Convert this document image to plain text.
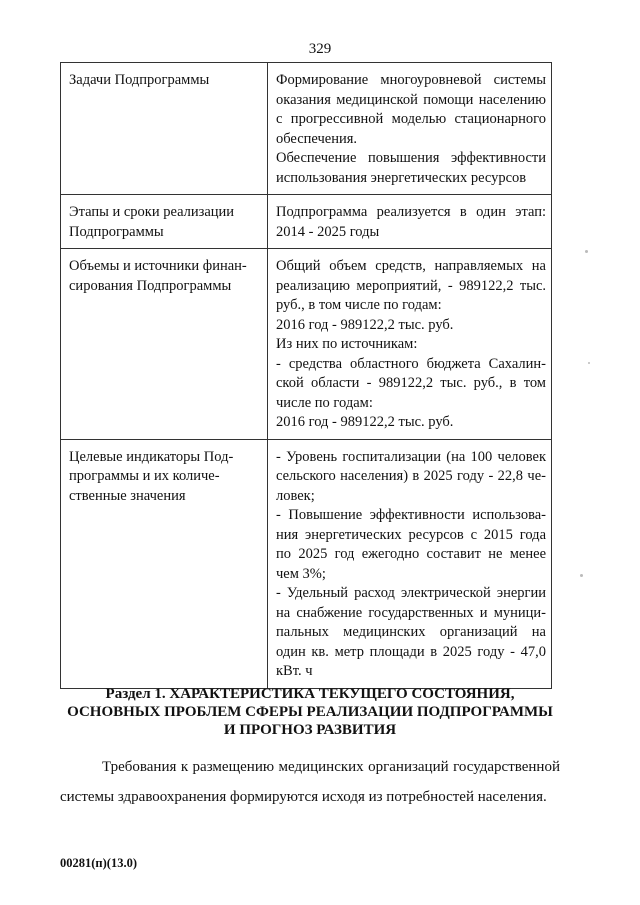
329
Задачи Подпрограммы	Формирование многоуровневой системы оказания медицинской помощи населению с прогрессивной моделью стационарного обеспечения.
Обеспечение повышения эффективности использования энергетических ресурсов

Этапы и сроки реализации Подпрограммы	Подпрограмма реализуется в один этап: 2014 - 2025 годы

Объемы и источники финан-сирования Подпрограммы	Общий объем средств, направляемых на реализацию мероприятий, - 989122,2 тыс. руб., в том числе по годам:
2016 год - 989122,2 тыс. руб.
Из них по источникам:
- средства областного бюджета Сахалин-ской области - 989122,2 тыс. руб., в том числе по годам:
2016 год - 989122,2 тыс. руб.

Целевые индикаторы Под-программы и их количе-ственные значения	- Уровень госпитализации (на 100 человек сельского населения) в 2025 году - 22,8 че-ловек;
- Повышение эффективности использова-ния энергетических ресурсов с 2015 года по 2025 год ежегодно составит не менее чем 3%;
- Удельный расход электрической энергии на снабжение государственных и муници-пальных медицинских организаций на один кв. метр площади в 2025 году - 47,0 кВт. ч
Раздел 1. ХАРАКТЕРИСТИКА ТЕКУЩЕГО СОСТОЯНИЯ,
ОСНОВНЫХ ПРОБЛЕМ СФЕРЫ РЕАЛИЗАЦИИ ПОДПРОГРАММЫ
И ПРОГНОЗ РАЗВИТИЯ
Требования к размещению медицинских организаций государственной системы здравоохранения формируются исходя из потребностей населения.
00281(п)(13.0)
